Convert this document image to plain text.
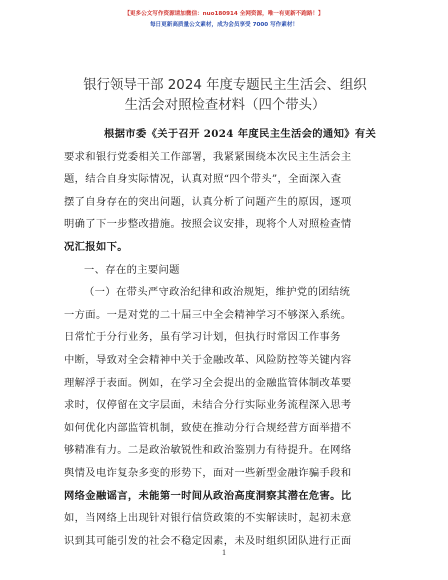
【更多公文写作资源请加微信：nuo180914 全网资源，唯一有更新不跑路！】
每日更新高质量公文素材，成为会员享受 7000 写作素材！
银行领导干部 2024 年度专题民主生活会、组织
生活会对照检查材料（四个带头）
根据市委《关于召开 2024 年度民主生活会的通知》有关
要求和银行党委相关工作部署，我紧紧围绕本次民主生活会主
题，结合自身实际情况，认真对照“四个带头”，全面深入查
摆了自身存在的突出问题，认真分析了问题产生的原因，逐项
明确了下一步整改措施。按照会议安排，现将个人对照检查情
况汇报如下。
一、存在的主要问题
（一）在带头严守政治纪律和政治规矩，维护党的团结统
一方面。一是对党的二十届三中全会精神学习不够深入系统。
日常忙于分行业务，虽有学习计划，但执行时常因工作事务
中断，导致对全会精神中关于金融改革、风险防控等关键内容
理解浮于表面。例如，在学习全会提出的金融监管体制改革要
求时，仅停留在文字层面，未结合分行实际业务流程深入思考
如何优化内部监管机制，致使在推动分行合规经营方面举措不
够精准有力。二是政治敏锐性和政治鉴别力有待提升。在网络
舆情及电诈复杂多变的形势下，面对一些新型金融诈骗手段和
网络金融谣言，未能第一时间从政治高度洞察其潜在危害。比
如，当网络上出现针对银行信贷政策的不实解读时，起初未意
识到其可能引发的社会不稳定因素，未及时组织团队进行正面
1
